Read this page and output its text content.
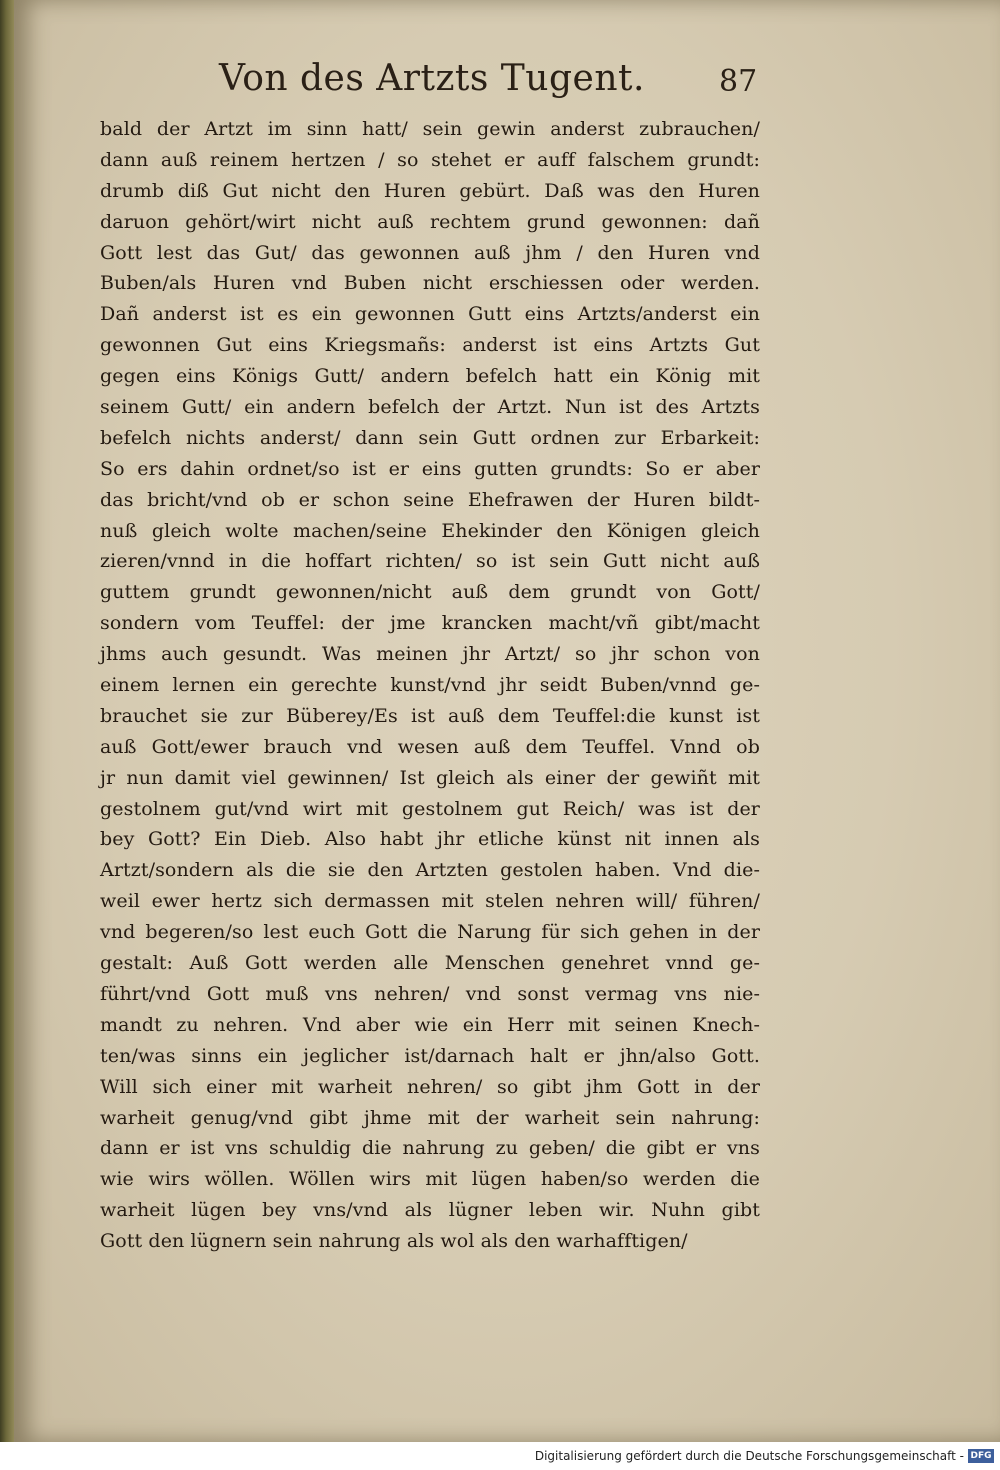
Von des Artzts Tugent. 87
bald der Artzt im sinn hatt/ sein gewin anderst zubrauchen/
dann auß reinem hertzen / so stehet er auff falschem grundt:
drumb diß Gut nicht den Huren gebürt. Daß was den Huren
daruon gehört/wirt nicht auß rechtem grund gewonnen: dañ
Gott lest das Gut/ das gewonnen auß jhm / den Huren vnd
Buben/als Huren vnd Buben nicht erschiessen oder werden.
Dañ anderst ist es ein gewonnen Gutt eins Artzts/anderst ein
gewonnen Gut eins Kriegsmañs: anderst ist eins Artzts Gut
gegen eins Königs Gutt/ andern befelch hatt ein König mit
seinem Gutt/ ein andern befelch der Artzt. Nun ist des Artzts
befelch nichts anderst/ dann sein Gutt ordnen zur Erbarkeit:
So ers dahin ordnet/so ist er eins gutten grundts: So er aber
das bricht/vnd ob er schon seine Ehefrawen der Huren bildt-
nuß gleich wolte machen/seine Ehekinder den Königen gleich
zieren/vnnd in die hoffart richten/ so ist sein Gutt nicht auß
guttem grundt gewonnen/nicht auß dem grundt von Gott/
sondern vom Teuffel: der jme krancken macht/vñ gibt/macht
jhms auch gesundt. Was meinen jhr Artzt/ so jhr schon von
einem lernen ein gerechte kunst/vnd jhr seidt Buben/vnnd ge-
brauchet sie zur Büberey/Es ist auß dem Teuffel:die kunst ist
auß Gott/ewer brauch vnd wesen auß dem Teuffel. Vnnd ob
jr nun damit viel gewinnen/ Ist gleich als einer der gewiñt mit
gestolnem gut/vnd wirt mit gestolnem gut Reich/ was ist der
bey Gott? Ein Dieb. Also habt jhr etliche künst nit innen als
Artzt/sondern als die sie den Artzten gestolen haben. Vnd die-
weil ewer hertz sich dermassen mit stelen nehren will/ führen/
vnd begeren/so lest euch Gott die Narung für sich gehen in der
gestalt: Auß Gott werden alle Menschen genehret vnnd ge-
führt/vnd Gott muß vns nehren/ vnd sonst vermag vns nie-
mandt zu nehren. Vnd aber wie ein Herr mit seinen Knech-
ten/was sinns ein jeglicher ist/darnach halt er jhn/also Gott.
Will sich einer mit warheit nehren/ so gibt jhm Gott in der
warheit genug/vnd gibt jhme mit der warheit sein nahrung:
dann er ist vns schuldig die nahrung zu geben/ die gibt er vns
wie wirs wöllen. Wöllen wirs mit lügen haben/so werden die
warheit lügen bey vns/vnd als lügner leben wir. Nuhn gibt
Gott den lügnern sein nahrung als wol als den warhafftigen/
Digitalisierung gefördert durch die Deutsche Forschungsgemeinschaft - DFG
